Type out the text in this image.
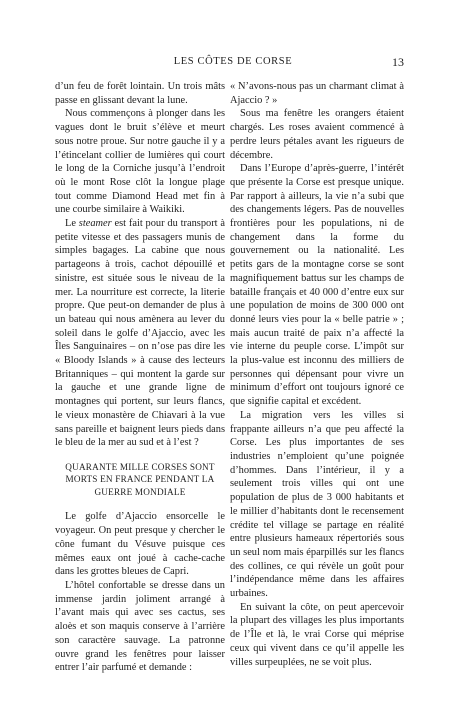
LES CÔTES DE CORSE	13

d’un feu de forêt lointain. Un trois mâts passe en glissant devant la lune.

Nous commençons à plonger dans les vagues dont le bruit s’élève et meurt sous notre proue. Sur notre gauche il y a l’étincelant collier de lumières qui court le long de la Corniche jusqu’à l’endroit où le mont Rose clôt la longue plage tout comme Diamond Head met fin à une courbe similaire à Waikiki.

Le steamer est fait pour du transport à petite vitesse et des passagers munis de simples bagages. La cabine que nous partageons à trois, cachot dépouillé et sinistre, est située sous le niveau de la mer. La nourriture est correcte, la literie propre. Que peut-on demander de plus à un bateau qui nous amènera au lever du soleil dans le golfe d’Ajaccio, avec les Îles Sanguinaires – on n’ose pas dire les « Bloody Islands » à cause des lecteurs Britanniques – qui montent la garde sur la gauche et une grande ligne de montagnes qui portent, sur leurs flancs, le vieux monastère de Chiavari à la vue sans pareille et baignent leurs pieds dans le bleu de la mer au sud et à l’est ?

QUARANTE MILLE CORSES SONT MORTS EN FRANCE PENDANT LA GUERRE MONDIALE

Le golfe d’Ajaccio ensorcelle le voyageur. On peut presque y chercher le cône fumant du Vésuve puisque ces mêmes eaux ont joué à cache-cache dans les grottes bleues de Capri.

L’hôtel confortable se dresse dans un immense jardin joliment arrangé à l’avant mais qui avec ses cactus, ses aloès et son maquis conserve à l’arrière son caractère sauvage. La patronne ouvre grand les fenêtres pour laisser entrer l’air parfumé et demande :

« N’avons-nous pas un charmant climat à Ajaccio ? »

Sous ma fenêtre les orangers étaient chargés. Les roses avaient commencé à perdre leurs pétales avant les rigueurs de décembre.

Dans l’Europe d’après-guerre, l’intérêt que présente la Corse est presque unique. Par rapport à ailleurs, la vie n’a subi que des changements légers. Pas de nouvelles frontières pour les populations, ni de changement dans la forme du gouvernement ou la nationalité. Les petits gars de la montagne corse se sont magnifiquement battus sur les champs de bataille français et 40 000 d’entre eux sur une population de moins de 300 000 ont donné leurs vies pour la « belle patrie » ; mais aucun traité de paix n’a affecté la vie interne du peuple corse. L’impôt sur la plus-value est inconnu des milliers de personnes qui dépensant pour vivre un minimum d’effort ont toujours ignoré ce que signifie capital et excédent.

La migration vers les villes si frappante ailleurs n’a que peu affecté la Corse. Les plus importantes de ses industries n’emploient qu’une poignée d’hommes. Dans l’intérieur, il y a seulement trois villes qui ont une population de plus de 3 000 habitants et le millier d’habitants dont le recensement crédite tel village se partage en réalité entre plusieurs hameaux répertoriés sous un seul nom mais éparpillés sur les flancs des collines, ce qui révèle un goût pour l’indépendance même dans les affaires urbaines.

En suivant la côte, on peut apercevoir la plupart des villages les plus importants de l’Île et là, le vrai Corse qui méprise ceux qui vivent dans ce qu’il appelle les villes surpeuplées, ne se voit plus.
